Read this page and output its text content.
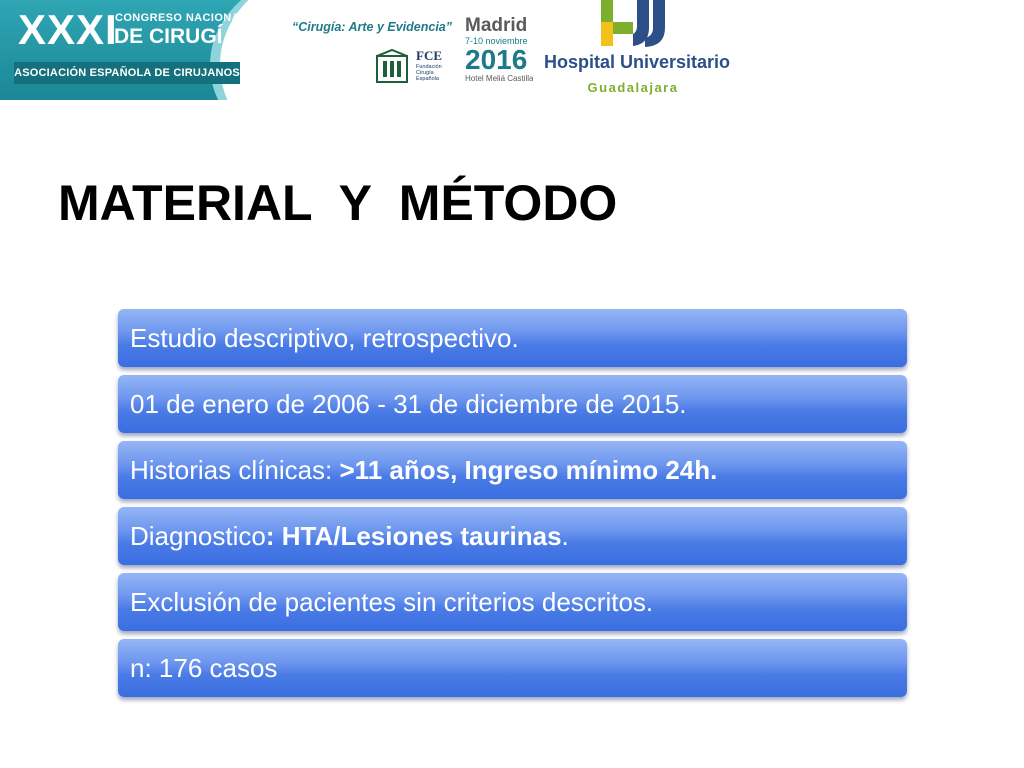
XXXI
CONGRESO NACIONAL
DE CIRUGÍA
ASOCIACIÓN ESPAÑOLA DE CIRUJANOS
“Cirugía: Arte y Evidencia”
FCE
Fundación Cirugía Española
Madrid
7-10 noviembre
2016
Hotel Meliá Castilla
Hospital Universitario
Guadalajara
MATERIAL  Y  MÉTODO
Estudio descriptivo, retrospectivo.
01 de enero de 2006 - 31 de diciembre de 2015.
Historias clínicas: >11 años, Ingreso mínimo 24h.
Diagnostico: HTA/Lesiones taurinas.
Exclusión de pacientes sin criterios descritos.
n: 176 casos
